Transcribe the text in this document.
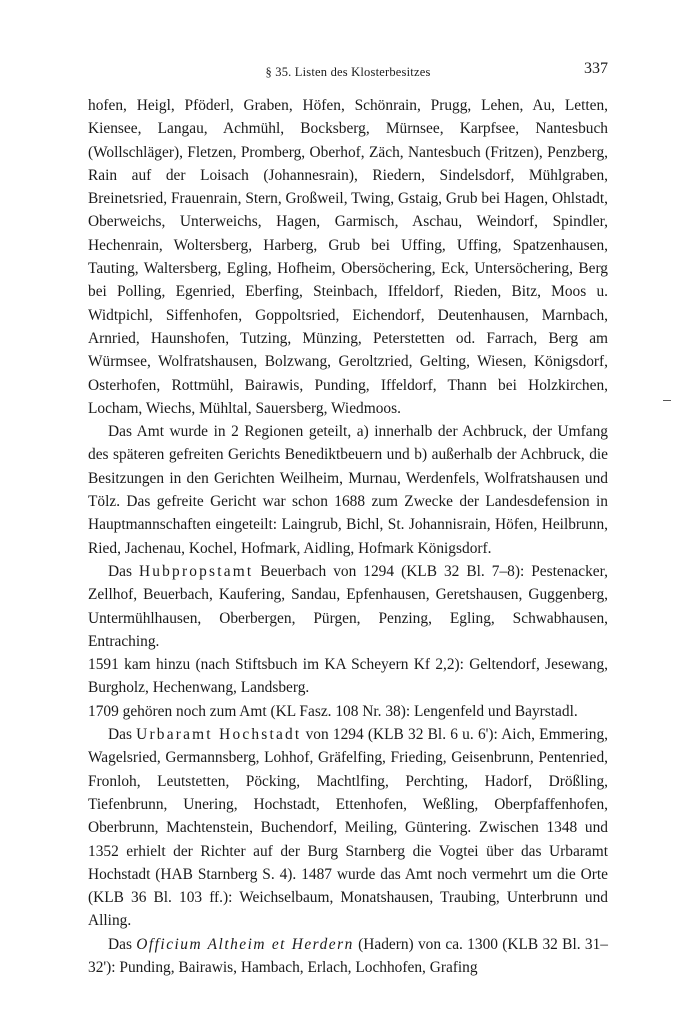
§ 35. Listen des Klosterbesitzes	337

hofen, Heigl, Pföderl, Graben, Höfen, Schönrain, Prugg, Lehen, Au, Letten, Kiensee, Langau, Achmühl, Bocksberg, Mürnsee, Karpfsee, Nantesbuch (Wollschläger), Fletzen, Promberg, Oberhof, Zäch, Nantesbuch (Fritzen), Penzberg, Rain auf der Loisach (Johannesrain), Riedern, Sindelsdorf, Mühlgraben, Breinetsried, Frauenrain, Stern, Großweil, Twing, Gstaig, Grub bei Hagen, Ohlstadt, Oberweichs, Unterweichs, Hagen, Garmisch, Aschau, Weindorf, Spindler, Hechenrain, Woltersberg, Harberg, Grub bei Uffing, Uffing, Spatzenhausen, Tauting, Waltersberg, Egling, Hofheim, Obersöchering, Eck, Untersöchering, Berg bei Polling, Egenried, Eberfing, Steinbach, Iffeldorf, Rieden, Bitz, Moos u. Widtpichl, Siffenhofen, Goppoltsried, Eichendorf, Deutenhausen, Marnbach, Arnried, Haunshofen, Tutzing, Münzing, Peterstetten od. Farrach, Berg am Würmsee, Wolfratshausen, Bolzwang, Geroltzried, Gelting, Wiesen, Königsdorf, Osterhofen, Rottmühl, Bairawis, Punding, Iffeldorf, Thann bei Holzkirchen, Locham, Wiechs, Mühltal, Sauersberg, Wiedmoos.

Das Amt wurde in 2 Regionen geteilt, a) innerhalb der Achbruck, der Umfang des späteren gefreiten Gerichts Benediktbeuern und b) außerhalb der Achbruck, die Besitzungen in den Gerichten Weilheim, Murnau, Werdenfels, Wolfratshausen und Tölz. Das gefreite Gericht war schon 1688 zum Zwecke der Landesdefension in Hauptmannschaften eingeteilt: Laingrub, Bichl, St. Johannisrain, Höfen, Heilbrunn, Ried, Jachenau, Kochel, Hofmark, Aidling, Hofmark Königsdorf.

Das Hubpropstamt Beuerbach von 1294 (KLB 32 Bl. 7–8): Pestenacker, Zellhof, Beuerbach, Kaufering, Sandau, Epfenhausen, Geretshausen, Guggenberg, Untermühlhausen, Oberbergen, Pürgen, Penzing, Egling, Schwabhausen, Entraching.

1591 kam hinzu (nach Stiftsbuch im KA Scheyern Kf 2,2): Geltendorf, Jesewang, Burgholz, Hechenwang, Landsberg.

1709 gehören noch zum Amt (KL Fasz. 108 Nr. 38): Lengenfeld und Bayrstadl.

Das Urbaramt Hochstadt von 1294 (KLB 32 Bl. 6 u. 6'): Aich, Emmering, Wagelsried, Germannsberg, Lohhof, Gräfelfing, Frieding, Geisenbrunn, Pentenried, Fronloh, Leutstetten, Pöcking, Machtlfing, Perchting, Hadorf, Drößling, Tiefenbrunn, Unering, Hochstadt, Ettenhofen, Weßling, Oberpfaffenhofen, Oberbrunn, Machtenstein, Buchendorf, Meiling, Güntering. Zwischen 1348 und 1352 erhielt der Richter auf der Burg Starnberg die Vogtei über das Urbaramt Hochstadt (HAB Starnberg S. 4). 1487 wurde das Amt noch vermehrt um die Orte (KLB 36 Bl. 103 ff.): Weichselbaum, Monatshausen, Traubing, Unterbrunn und Alling.

Das Officium Altheim et Herdern (Hadern) von ca. 1300 (KLB 32 Bl. 31–32'): Punding, Bairawis, Hambach, Erlach, Lochhofen, Grafing
